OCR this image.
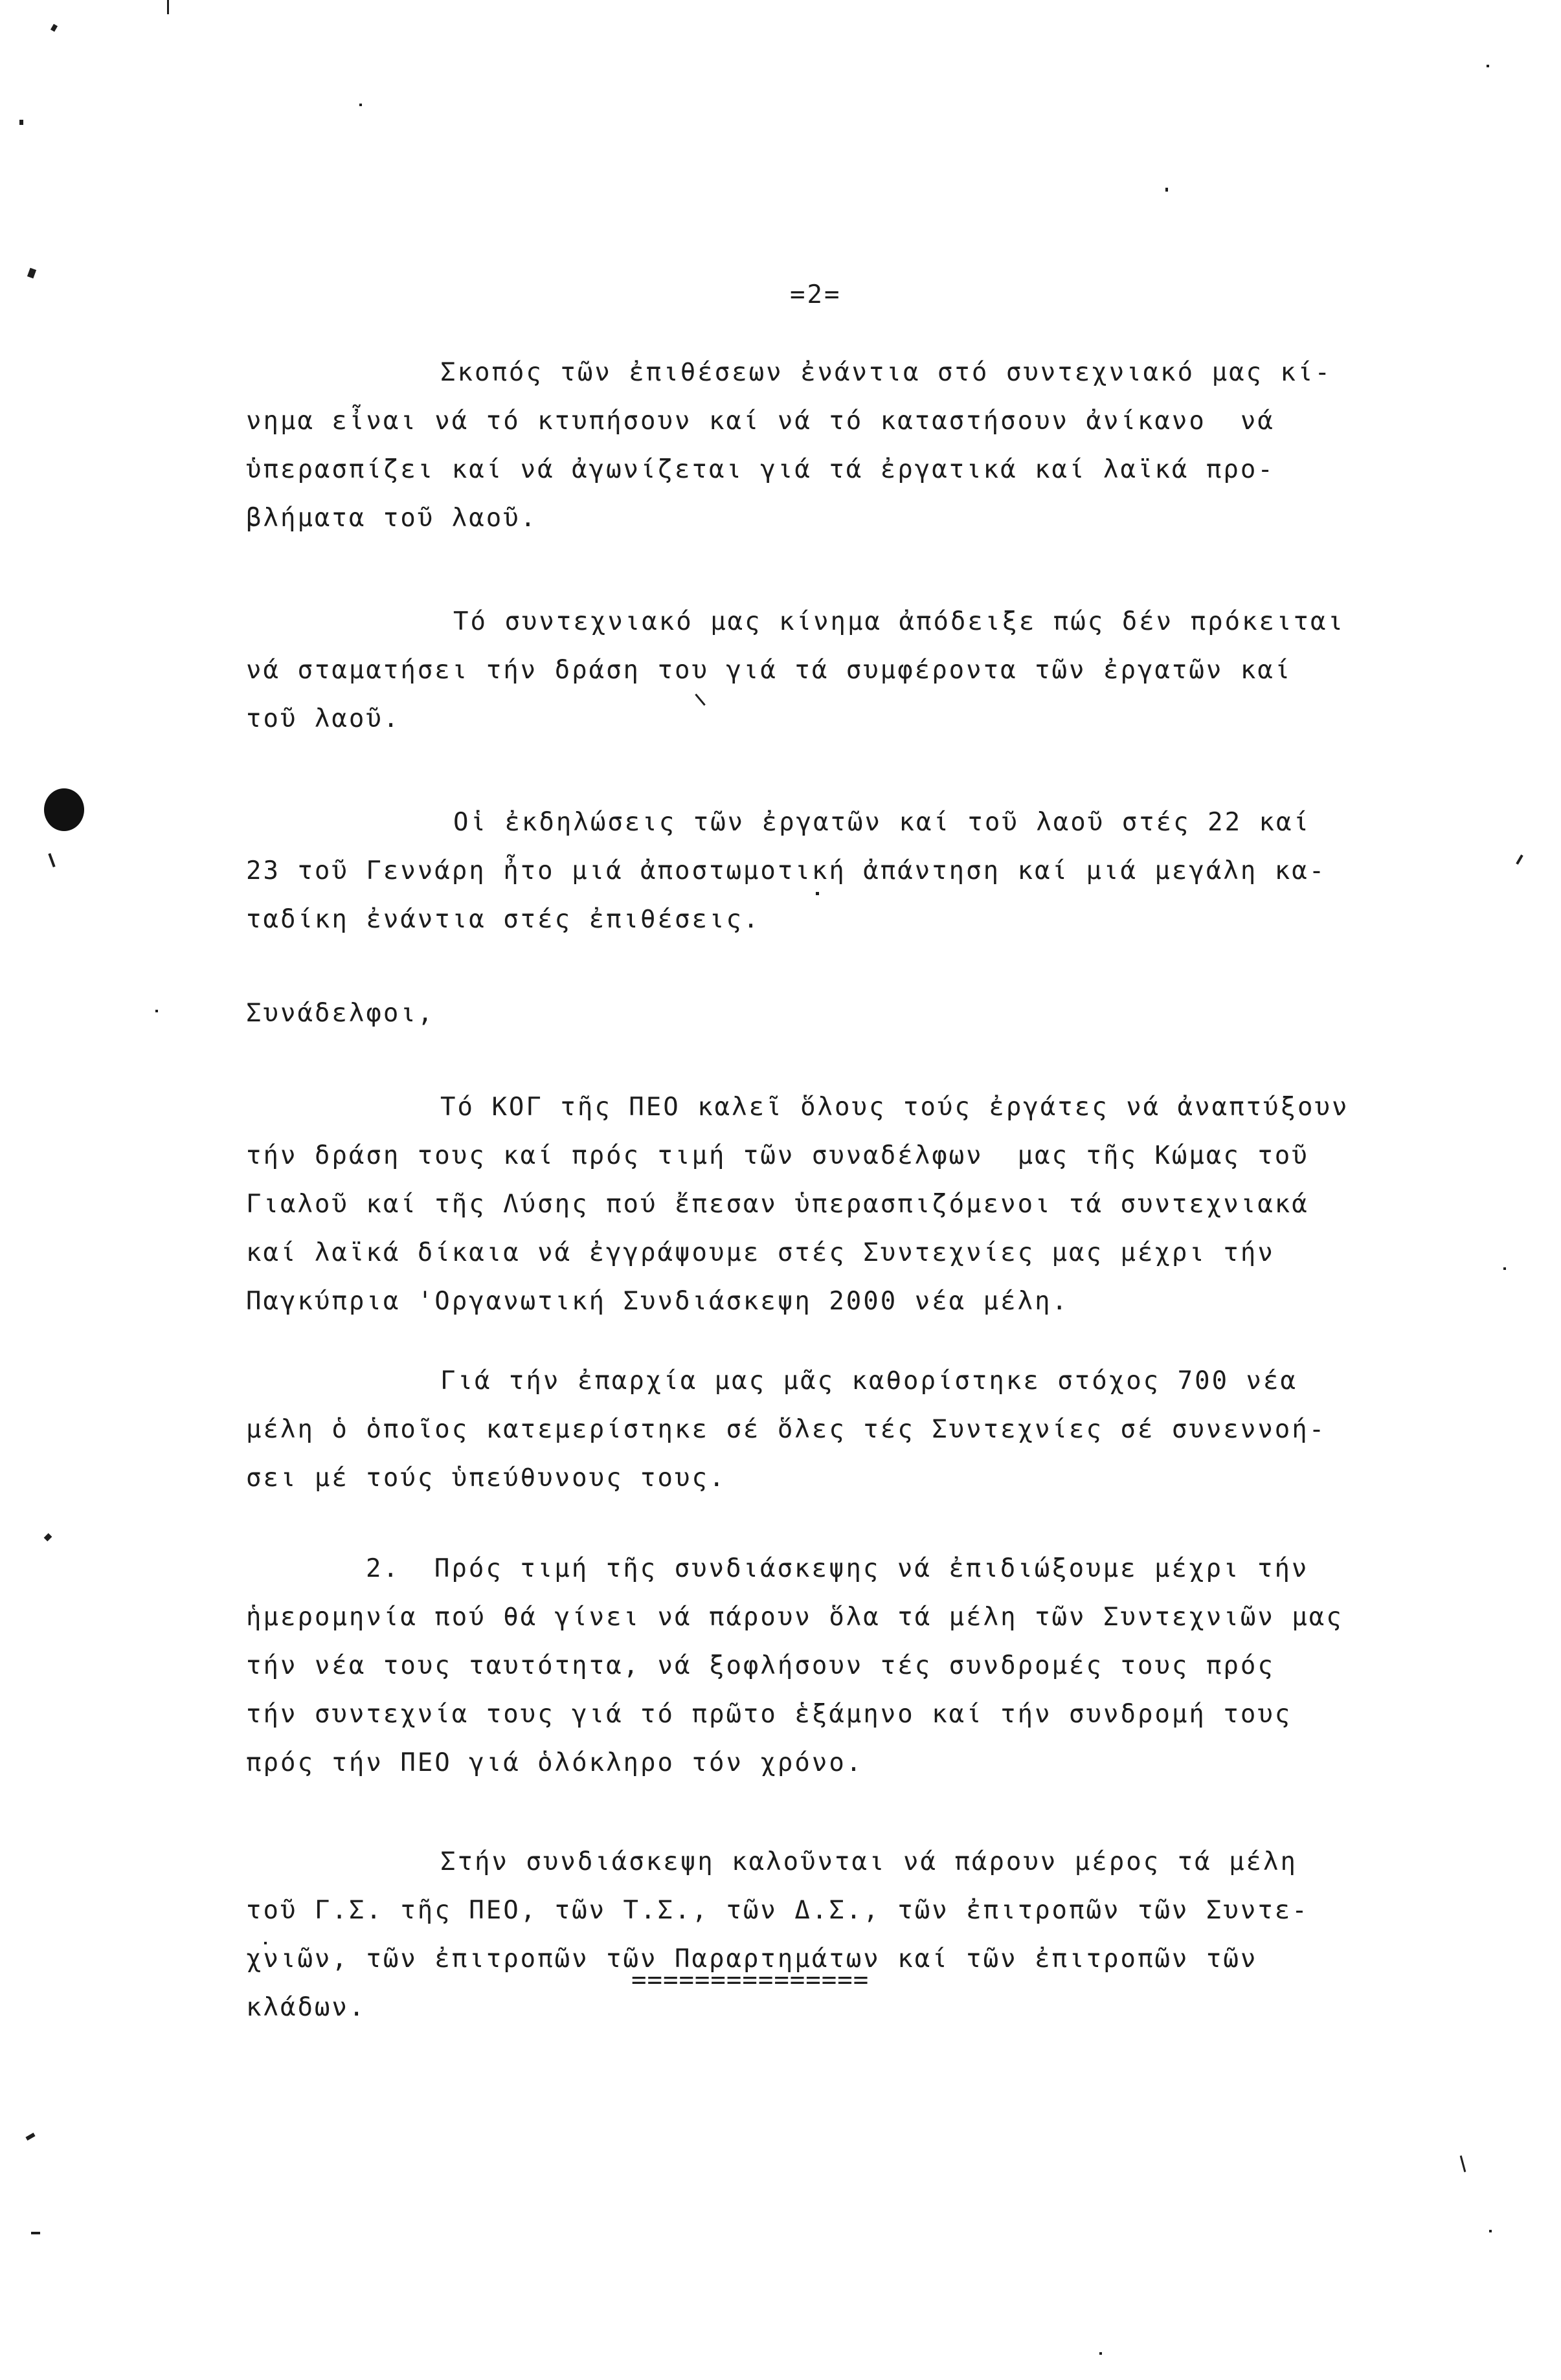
=2=

Σκοπός τῶν ἐπιθέσεων ἐνάντια στό συντεχνιακό μας κί-
νημα εἶναι νά τό κτυπήσουν καί νά τό καταστήσουν ἀνίκανο  νά
ὑπερασπίζει καί νά ἀγωνίζεται γιά τά ἐργατικά καί λαϊκά προ-
βλήματα τοῦ λαοῦ.

Τό συντεχνιακό μας κίνημα ἀπόδειξε πώς δέν πρόκειται
νά σταματήσει τήν δράση του γιά τά συμφέροντα τῶν ἐργατῶν καί
τοῦ λαοῦ.

Οἱ ἐκδηλώσεις τῶν ἐργατῶν καί τοῦ λαοῦ στές 22 καί
23 τοῦ Γεννάρη ἦτο μιά ἀποστωμοτική ἀπάντηση καί μιά μεγάλη κα-
ταδίκη ἐνάντια στές ἐπιθέσεις.

Συνάδελφοι,

Τό ΚΟΓ τῆς ΠΕΟ καλεῖ ὅλους τούς ἐργάτες νά ἀναπτύξουν
τήν δράση τους καί πρός τιμή τῶν συναδέλφων  μας τῆς Κώμας τοῦ
Γιαλοῦ καί τῆς Λύσης πού ἔπεσαν ὑπερασπιζόμενοι τά συντεχνιακά
καί λαϊκά δίκαια νά ἐγγράψουμε στές Συντεχνίες μας μέχρι τήν
Παγκύπρια 'Οργανωτική Συνδιάσκεψη 2000 νέα μέλη.

Γιά τήν ἐπαρχία μας μᾶς καθορίστηκε στόχος 700 νέα
μέλη ὁ ὁποῖος κατεμερίστηκε σέ ὅλες τές Συντεχνίες σέ συνεννοή-
σει μέ τούς ὑπεύθυνους τους.

2.  Πρός τιμή τῆς συνδιάσκεψης νά ἐπιδιώξουμε μέχρι τήν
ἡμερομηνία πού θά γίνει νά πάρουν ὅλα τά μέλη τῶν Συντεχνιῶν μας
τήν νέα τους ταυτότητα, νά ξοφλήσουν τές συνδρομές τους πρός
τήν συντεχνία τους γιά τό πρῶτο ἑξάμηνο καί τήν συνδρομή τους
πρός τήν ΠΕΟ γιά ὁλόκληρο τόν χρόνο.

Στήν συνδιάσκεψη καλοῦνται νά πάρουν μέρος τά μέλη
τοῦ Γ.Σ. τῆς ΠΕΟ, τῶν Τ.Σ., τῶν Δ.Σ., τῶν ἐπιτροπῶν τῶν Συντε-
χνιῶν, τῶν ἐπιτροπῶν τῶν Παραρτημάτων καί τῶν ἐπιτροπῶν τῶν
κλάδων.

===============
